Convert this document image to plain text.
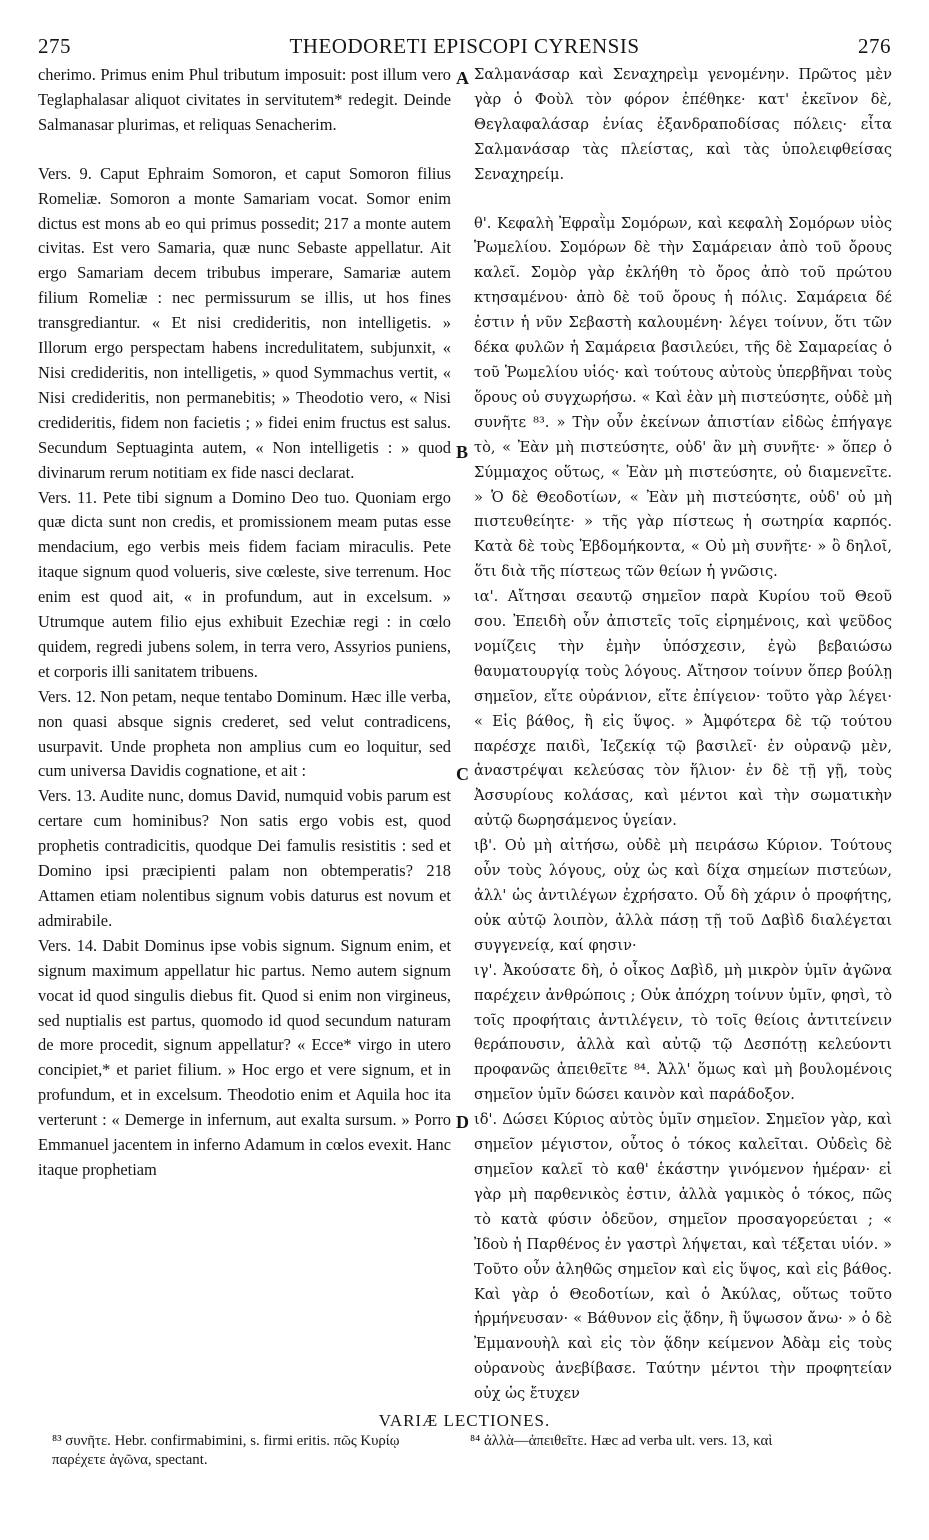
275	THEODORETI EPISCOPI CYRENSIS	276

cherimo. Primus enim Phul tributum imposuit: post illum vero Teglaphalasar aliquot civitates in servitutem* redegit. Deinde Salmanasar plurimas, et reliquas Senacherim.

Vers. 9. Caput Ephraim Somoron, et caput Somoron filius Romeliæ. Somoron a monte Samariam vocat. Somor enim dictus est mons ab eo qui primus possedit; 217 a monte autem civitas. Est vero Samaria, quæ nunc Sebaste appellatur. Ait ergo Samariam decem tribubus imperare, Samariæ autem filium Romeliæ : nec permissurum se illis, ut hos fines transgrediantur. « Et nisi credideritis, non intelligetis. » Illorum ergo perspectam habens incredulitatem, subjunxit, « Nisi credideritis, non intelligetis, » quod Symmachus vertit, « Nisi credideritis, non permanebitis; » Theodotio vero, « Nisi credideritis, fidem non facietis ; » fidei enim fructus est salus. Secundum Septuaginta autem, « Non intelligetis : » quod divinarum rerum notitiam ex fide nasci declarat.

Vers. 11. Pete tibi signum a Domino Deo tuo. Quoniam ergo quæ dicta sunt non credis, et promissionem meam putas esse mendacium, ego verbis meis fidem faciam miraculis. Pete itaque signum quod volueris, sive cœleste, sive terrenum. Hoc enim est quod ait, « in profundum, aut in excelsum. » Utrumque autem filio ejus exhibuit Ezechiæ regi : in cœlo quidem, regredi jubens solem, in terra vero, Assyrios puniens, et corporis illi sanitatem tribuens.

Vers. 12. Non petam, neque tentabo Dominum. Hæc ille verba, non quasi absque signis crederet, sed velut contradicens, usurpavit. Unde propheta non amplius cum eo loquitur, sed cum universa Davidis cognatione, et ait :

Vers. 13. Audite nunc, domus David, numquid vobis parum est certare cum hominibus? Non satis ergo vobis est, quod prophetis contradicitis, quodque Dei famulis resistitis : sed et Domino ipsi præcipienti palam non obtemperatis? 218 Attamen etiam nolentibus signum vobis daturus est novum et admirabile.

Vers. 14. Dabit Dominus ipse vobis signum. Signum enim, et signum maximum appellatur hic partus. Nemo autem signum vocat id quod singulis diebus fit. Quod si enim non virgineus, sed nuptialis est partus, quomodo id quod secundum naturam de more procedit, signum appellatur? « Ecce* virgo in utero concipiet,* et pariet filium. » Hoc ergo et vere signum, et in profundum, et in excelsum. Theodotio enim et Aquila hoc ita verterunt : « Demerge in infernum, aut exalta sursum. » Porro Emmanuel jacentem in inferno Adamum in cœlos evexit. Hanc itaque prophetiam

Σαλμανάσαρ καὶ Σεναχηρεὶμ γενομένην. Πρῶτος μὲν γὰρ ὁ Φοὺλ τὸν φόρον ἐπέθηκε· κατ' ἐκεῖνον δὲ, Θεγλαφαλάσαρ ἐνίας ἐξανδραποδίσας πόλεις· εἶτα Σαλμανάσαρ τὰς πλείστας, καὶ τὰς ὑπολειφθείσας Σεναχηρείμ.

θ'. Κεφαλὴ Ἐφραῒμ Σομόρων, καὶ κεφαλὴ Σομόρων υἱὸς Ῥωμελίου. Σομόρων δὲ τὴν Σαμάρειαν ἀπὸ τοῦ ὄρους καλεῖ. Σομὸρ γὰρ ἐκλήθη τὸ ὄρος ἀπὸ τοῦ πρώτου κτησαμένου· ἀπὸ δὲ τοῦ ὄρους ἡ πόλις. Σαμάρεια δέ ἐστιν ἡ νῦν Σεβαστὴ καλουμένη· λέγει τοίνυν, ὅτι τῶν δέκα φυλῶν ἡ Σαμάρεια βασιλεύει, τῆς δὲ Σαμαρείας ὁ τοῦ Ῥωμελίου υἱός· καὶ τούτους αὐτοὺς ὑπερβῆναι τοὺς ὅρους οὐ συγχωρήσω. « Καὶ ἐὰν μὴ πιστεύσητε, οὐδὲ μὴ συνῆτε ⁸³. » Τὴν οὖν ἐκείνων ἀπιστίαν εἰδὼς ἐπήγαγε τὸ, « Ἐὰν μὴ πιστεύσητε, οὐδ' ἂν μὴ συνῆτε· » ὅπερ ὁ Σύμμαχος οὕτως, « Ἐὰν μὴ πιστεύσητε, οὐ διαμενεῖτε. » Ὁ δὲ Θεοδοτίων, « Ἐὰν μὴ πιστεύσητε, οὐδ' οὐ μὴ πιστευθείητε· » τῆς γὰρ πίστεως ἡ σωτηρία καρπός. Κατὰ δὲ τοὺς Ἑβδομήκοντα, « Οὐ μὴ συνῆτε· » ὃ δηλοῖ, ὅτι διὰ τῆς πίστεως τῶν θείων ἡ γνῶσις.

ια'. Αἴτησαι σεαυτῷ σημεῖον παρὰ Κυρίου τοῦ Θεοῦ σου. Ἐπειδὴ οὖν ἀπιστεῖς τοῖς εἰρημένοις, καὶ ψεῦδος νομίζεις τὴν ἐμὴν ὑπόσχεσιν, ἐγὼ βεβαιώσω θαυματουργίᾳ τοὺς λόγους. Αἴτησον τοίνυν ὅπερ βούλῃ σημεῖον, εἴτε οὐράνιον, εἴτε ἐπίγειον· τοῦτο γὰρ λέγει· « Εἰς βάθος, ἢ εἰς ὕψος. » Ἀμφότερα δὲ τῷ τούτου παρέσχε παιδὶ, Ἰεζεκίᾳ τῷ βασιλεῖ· ἐν οὐρανῷ μὲν, ἀναστρέψαι κελεύσας τὸν ἥλιον· ἐν δὲ τῇ γῇ, τοὺς Ἀσσυρίους κολάσας, καὶ μέντοι καὶ τὴν σωματικὴν αὐτῷ δωρησάμενος ὑγείαν.

ιβ'. Οὐ μὴ αἰτήσω, οὐδὲ μὴ πειράσω Κύριον. Τούτους οὗν τοὺς λόγους, οὐχ ὡς καὶ δίχα σημείων πιστεύων, ἀλλ' ὡς ἀντιλέγων ἐχρήσατο. Οὗ δὴ χάριν ὁ προφήτης, οὐκ αὐτῷ λοιπὸν, ἀλλὰ πάσῃ τῇ τοῦ Δαβὶδ διαλέγεται συγγενείᾳ, καί φησιν·

ιγ'. Ἀκούσατε δὴ, ὁ οἶκος Δαβὶδ, μὴ μικρὸν ὑμῖν ἀγῶνα παρέχειν ἀνθρώποις ; Οὐκ ἀπόχρη τοίνυν ὑμῖν, φησὶ, τὸ τοῖς προφήταις ἀντιλέγειν, τὸ τοῖς θείοις ἀντιτείνειν θεράπουσιν, ἀλλὰ καὶ αὐτῷ τῷ Δεσπότῃ κελεύοντι προφανῶς ἀπειθεῖτε ⁸⁴. Ἀλλ' ὅμως καὶ μὴ βουλομένοις σημεῖον ὑμῖν δώσει καινὸν καὶ παράδοξον.

ιδ'. Δώσει Κύριος αὐτὸς ὑμῖν σημεῖον. Σημεῖον γὰρ, καὶ σημεῖον μέγιστον, οὗτος ὁ τόκος καλεῖται. Οὐδεὶς δὲ σημεῖον καλεῖ τὸ καθ' ἑκάστην γινόμενον ἡμέραν· εἰ γὰρ μὴ παρθενικὸς ἐστιν, ἀλλὰ γαμικὸς ὁ τόκος, πῶς τὸ κατὰ φύσιν ὁδεῦον, σημεῖον προσαγορεύεται ; « Ἰδοὺ ἡ Παρθένος ἐν γαστρὶ λήψεται, καὶ τέξεται υἱόν. » Τοῦτο οὖν ἀληθῶς σημεῖον καὶ εἰς ὕψος, καὶ εἰς βάθος. Καὶ γὰρ ὁ Θεοδοτίων, καὶ ὁ Ἀκύλας, οὕτως τοῦτο ἡρμήνευσαν· « Βάθυνον εἰς ᾅδην, ἢ ὕψωσον ἄνω· » ὁ δὲ Ἐμμανουὴλ καὶ εἰς τὸν ᾅδην κείμενον Ἀδὰμ εἰς τοὺς οὐρανοὺς ἀνεβίβασε. Ταύτην μέντοι τὴν προφητείαν οὐχ ὡς ἔτυχεν

A
B
C
D
VARIÆ LECTIONES.
⁸³ συνῆτε. Hebr. confirmabimini, s. firmi eritis. πῶς Κυρίῳ παρέχετε ἀγῶνα, spectant.
⁸⁴ ἀλλὰ—ἀπειθεῖτε. Hæc ad verba ult. vers. 13, καὶ
